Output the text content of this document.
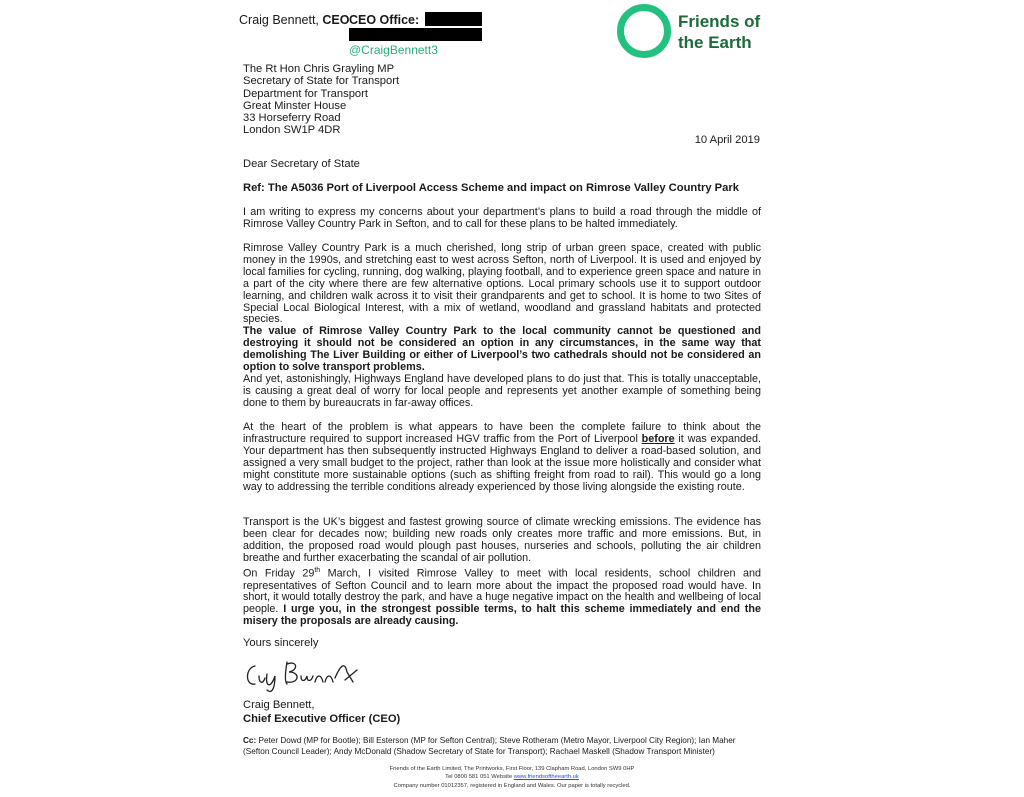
Craig Bennett, CEO CEO Office:
@CraigBennett3
Friends of
the Earth
The Rt Hon Chris Grayling MP
Secretary of State for Transport
Department for Transport
Great Minster House
33 Horseferry Road
London SW1P 4DR
10 April 2019
Dear Secretary of State
Ref: The A5036 Port of Liverpool Access Scheme and impact on Rimrose Valley Country Park
I am writing to express my concerns about your department’s plans to build a road through the middle of Rimrose Valley Country Park in Sefton, and to call for these plans to be halted immediately.
Rimrose Valley Country Park is a much cherished, long strip of urban green space, created with public money in the 1990s, and stretching east to west across Sefton, north of Liverpool. It is used and enjoyed by local families for cycling, running, dog walking, playing football, and to experience green space and nature in a part of the city where there are few alternative options. Local primary schools use it to support outdoor learning, and children walk across it to visit their grandparents and get to school. It is home to two Sites of Special Local Biological Interest, with a mix of wetland, woodland and grassland habitats and protected species.
The value of Rimrose Valley Country Park to the local community cannot be questioned and destroying it should not be considered an option in any circumstances, in the same way that demolishing The Liver Building or either of Liverpool’s two cathedrals should not be considered an option to solve transport problems.
And yet, astonishingly, Highways England have developed plans to do just that. This is totally unacceptable, is causing a great deal of worry for local people and represents yet another example of something being done to them by bureaucrats in far-away offices.
At the heart of the problem is what appears to have been the complete failure to think about the infrastructure required to support increased HGV traffic from the Port of Liverpool before it was expanded. Your department has then subsequently instructed Highways England to deliver a road-based solution, and assigned a very small budget to the project, rather than look at the issue more holistically and consider what might constitute more sustainable options (such as shifting freight from road to rail). This would go a long way to addressing the terrible conditions already experienced by those living alongside the existing route.
Transport is the UK’s biggest and fastest growing source of climate wrecking emissions. The evidence has been clear for decades now; building new roads only creates more traffic and more emissions. But, in addition, the proposed road would plough past houses, nurseries and schools, polluting the air children breathe and further exacerbating the scandal of air pollution.
On Friday 29th March, I visited Rimrose Valley to meet with local residents, school children and representatives of Sefton Council and to learn more about the impact the proposed road would have. In short, it would totally destroy the park, and have a huge negative impact on the health and wellbeing of local people. I urge you, in the strongest possible terms, to halt this scheme immediately and end the misery the proposals are already causing.
Yours sincerely
Craig Bennett,
Chief Executive Officer (CEO)
Cc: Peter Dowd (MP for Bootle); Bill Esterson (MP for Sefton Central); Steve Rotheram (Metro Mayor, Liverpool City Region); Ian Maher (Sefton Council Leader); Andy McDonald (Shadow Secretary of State for Transport); Rachael Maskell (Shadow Transport Minister)
Friends of the Earth Limited, The Printworks, First Floor, 139 Clapham Road, London SW9 0HP
Tel 0800 581 051 Website www.friendsoftheearth.uk
Company number 01012357, registered in England and Wales. Our paper is totally recycled.
